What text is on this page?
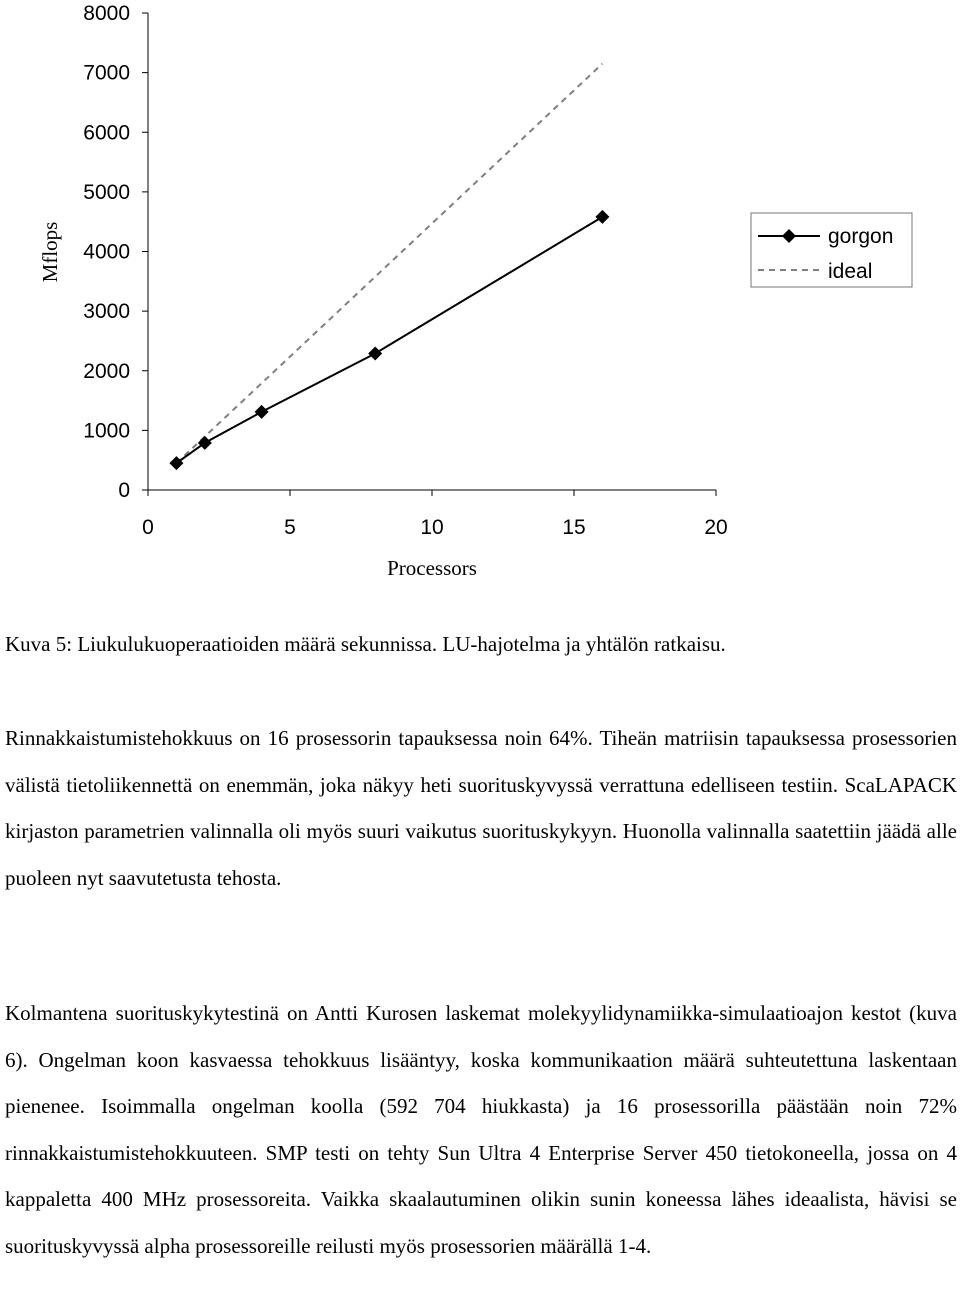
0
1000
2000
3000
4000
5000
6000
7000
8000
0	5	10	15	20
Mflops
Processors
gorgon
ideal

Kuva 5: Liukulukuoperaatioiden määrä sekunnissa. LU-hajotelma ja yhtälön ratkaisu.

Rinnakkaistumistehokkuus on 16 prosessorin tapauksessa noin 64%. Tiheän matriisin tapauksessa prosessorien välistä tietoliikennettä on enemmän, joka näkyy heti suorituskyvyssä verrattuna edelliseen testiin. ScaLAPACK kirjaston parametrien valinnalla oli myös suuri vaikutus suorituskykyyn. Huonolla valinnalla saatettiin jäädä alle puoleen nyt saavutetusta tehosta.

Kolmantena suorituskykytestinä on Antti Kurosen laskemat molekyylidynamiikka-simulaatioajon kestot (kuva 6). Ongelman koon kasvaessa tehokkuus lisääntyy, koska kommunikaation määrä suhteutettuna laskentaan pienenee. Isoimmalla ongelman koolla (592 704 hiukkasta) ja 16 prosessorilla päästään noin 72% rinnakkaistumistehokkuuteen. SMP testi on tehty Sun Ultra 4 Enterprise Server 450 tietokoneella, jossa on 4 kappaletta 400 MHz prosessoreita. Vaikka skaalautuminen olikin sunin koneessa lähes ideaalista, hävisi se suorituskyvyssä alpha prosessoreille reilusti myös prosessorien määrällä 1-4.
